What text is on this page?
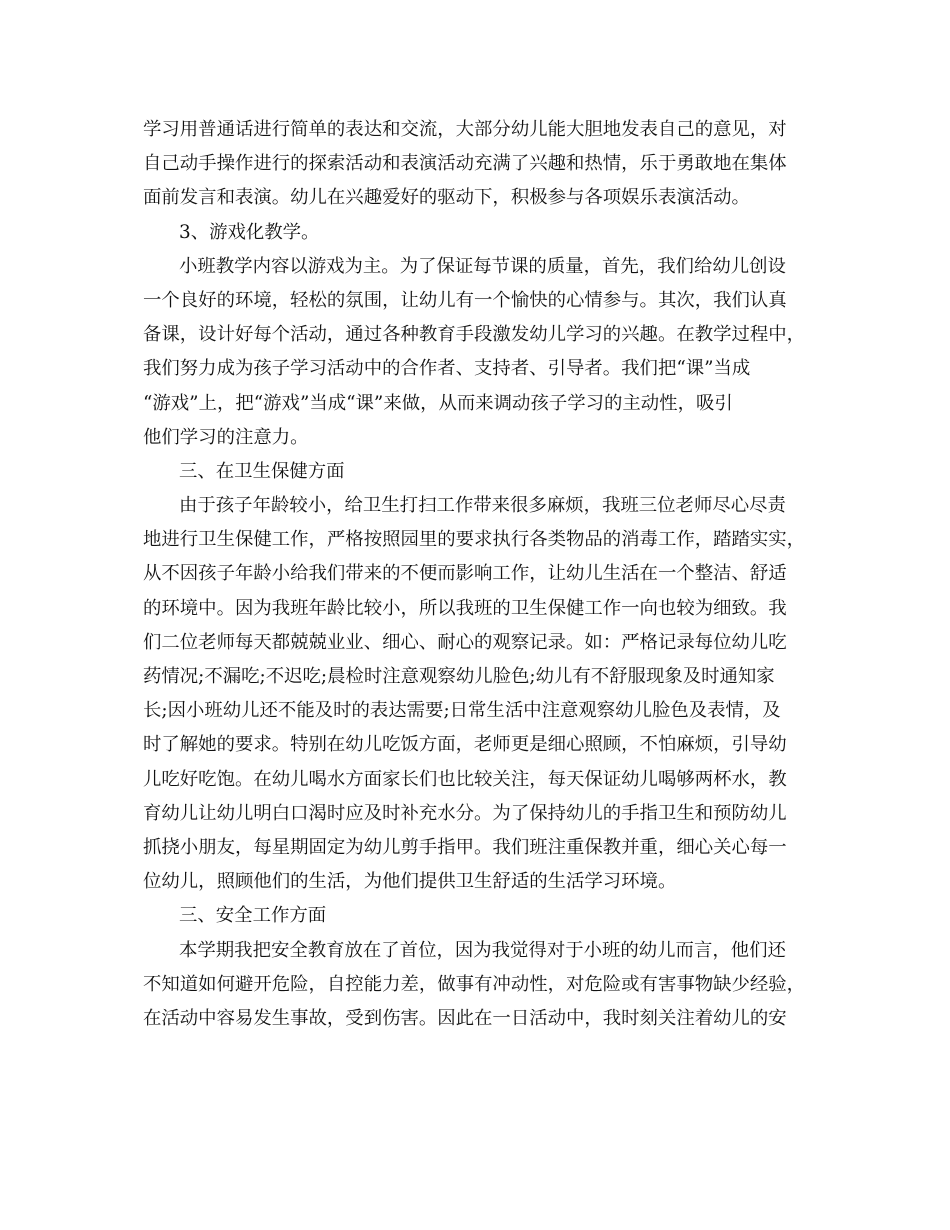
学习用普通话进行简单的表达和交流，大部分幼儿能大胆地发表自己的意见，对
自己动手操作进行的探索活动和表演活动充满了兴趣和热情，乐于勇敢地在集体
面前发言和表演。幼儿在兴趣爱好的驱动下，积极参与各项娱乐表演活动。
3、游戏化教学。
小班教学内容以游戏为主。为了保证每节课的质量，首先，我们给幼儿创设
一个良好的环境，轻松的氛围，让幼儿有一个愉快的心情参与。其次，我们认真
备课，设计好每个活动，通过各种教育手段激发幼儿学习的兴趣。在教学过程中，
我们努力成为孩子学习活动中的合作者、支持者、引导者。我们把“课”当成
“游戏”上，把“游戏”当成“课”来做，从而来调动孩子学习的主动性，吸引
他们学习的注意力。
三、在卫生保健方面
由于孩子年龄较小，给卫生打扫工作带来很多麻烦，我班三位老师尽心尽责
地进行卫生保健工作，严格按照园里的要求执行各类物品的消毒工作，踏踏实实，
从不因孩子年龄小给我们带来的不便而影响工作，让幼儿生活在一个整洁、舒适
的环境中。因为我班年龄比较小，所以我班的卫生保健工作一向也较为细致。我
们二位老师每天都兢兢业业、细心、耐心的观察记录。如：严格记录每位幼儿吃
药情况;不漏吃;不迟吃;晨检时注意观察幼儿脸色;幼儿有不舒服现象及时通知家
长;因小班幼儿还不能及时的表达需要;日常生活中注意观察幼儿脸色及表情，及
时了解她的要求。特别在幼儿吃饭方面，老师更是细心照顾，不怕麻烦，引导幼
儿吃好吃饱。在幼儿喝水方面家长们也比较关注，每天保证幼儿喝够两杯水，教
育幼儿让幼儿明白口渴时应及时补充水分。为了保持幼儿的手指卫生和预防幼儿
抓挠小朋友，每星期固定为幼儿剪手指甲。我们班注重保教并重，细心关心每一
位幼儿，照顾他们的生活，为他们提供卫生舒适的生活学习环境。
三、安全工作方面
本学期我把安全教育放在了首位，因为我觉得对于小班的幼儿而言，他们还
不知道如何避开危险，自控能力差，做事有冲动性，对危险或有害事物缺少经验，
在活动中容易发生事故，受到伤害。因此在一日活动中，我时刻关注着幼儿的安
